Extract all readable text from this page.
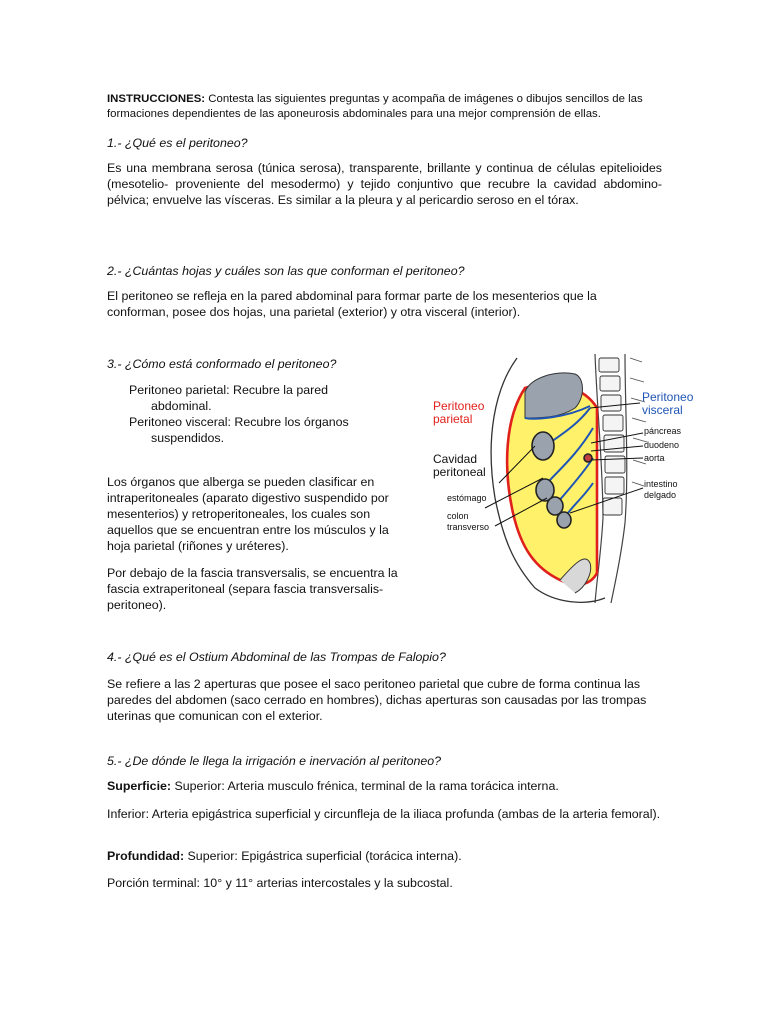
INSTRUCCIONES: Contesta las siguientes preguntas y acompaña de imágenes o dibujos sencillos de las formaciones dependientes de las aponeurosis abdominales para una mejor comprensión de ellas.
1.- ¿Qué es el peritoneo?
Es una membrana serosa (túnica serosa), transparente, brillante y continua de células epitelioides (mesotelio- proveniente del mesodermo) y tejido conjuntivo que recubre la cavidad abdomino-pélvica; envuelve las vísceras. Es similar a la pleura y al pericardio seroso en el tórax.
2.- ¿Cuántas hojas y cuáles son las que conforman el peritoneo?
El peritoneo se refleja en la pared abdominal para formar parte de los mesenterios que la conforman, posee dos hojas, una parietal (exterior) y otra visceral (interior).
3.- ¿Cómo está conformado el peritoneo?
Peritoneo parietal: Recubre la pared abdominal.
Peritoneo visceral: Recubre los órganos suspendidos.
Los órganos que alberga se pueden clasificar en intraperitoneales (aparato digestivo suspendido por mesenterios) y retroperitoneales, los cuales son aquellos que se encuentran entre los músculos y la hoja parietal (riñones y uréteres).
Por debajo de la fascia transversalis, se encuentra la fascia extraperitoneal (separa fascia transversalis-peritoneo).
4.- ¿Qué es el Ostium Abdominal de las Trompas de Falopio?
Se refiere a las 2 aperturas que posee el saco peritoneo parietal que cubre de forma continua las paredes del abdomen (saco cerrado en hombres), dichas aperturas son causadas por las trompas uterinas que comunican con el exterior.
5.- ¿De dónde le llega la irrigación e inervación al peritoneo?
Superficie: Superior: Arteria musculo frénica, terminal de la rama torácica interna.
Inferior: Arteria epigástrica superficial y circunfleja de la iliaca profunda (ambas de la arteria femoral).
Profundidad: Superior: Epigástrica superficial (torácica interna).
Porción terminal: 10° y 11° arterias intercostales y la subcostal.
Peritoneo
parietal
Peritoneo
visceral
Cavidad
peritoneal
estómago
colon
transverso
páncreas
duodeno
aorta
intestino
delgado
